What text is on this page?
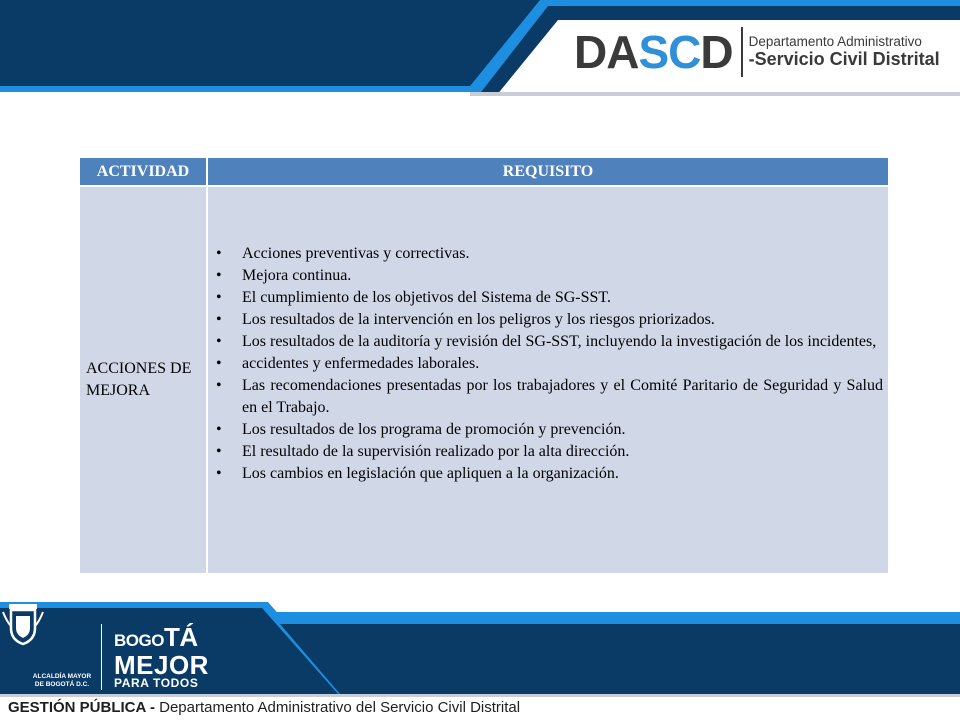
DASCD Departamento Administrativo
-Servicio Civil Distrital
ACTIVIDAD	REQUISITO
ACCIONES DE MEJORA
• Acciones preventivas y correctivas.
• Mejora continua.
• El cumplimiento de los objetivos del Sistema de SG-SST.
• Los resultados de la intervención en los peligros y los riesgos priorizados.
• Los resultados de la auditoría y revisión del SG-SST, incluyendo la investigación de los incidentes,
• accidentes y enfermedades laborales.
• Las recomendaciones presentadas por los trabajadores y el Comité Paritario de Seguridad y Salud en el Trabajo.
• Los resultados de los programa de promoción y prevención.
• El resultado de la supervisión realizado por la alta dirección.
• Los cambios en legislación que apliquen a la organización.
ALCALDÍA MAYOR
DE BOGOTÁ D.C.
BOGOTÁ
MEJOR
PARA TODOS
GESTIÓN PÚBLICA - Departamento Administrativo del Servicio Civil Distrital
